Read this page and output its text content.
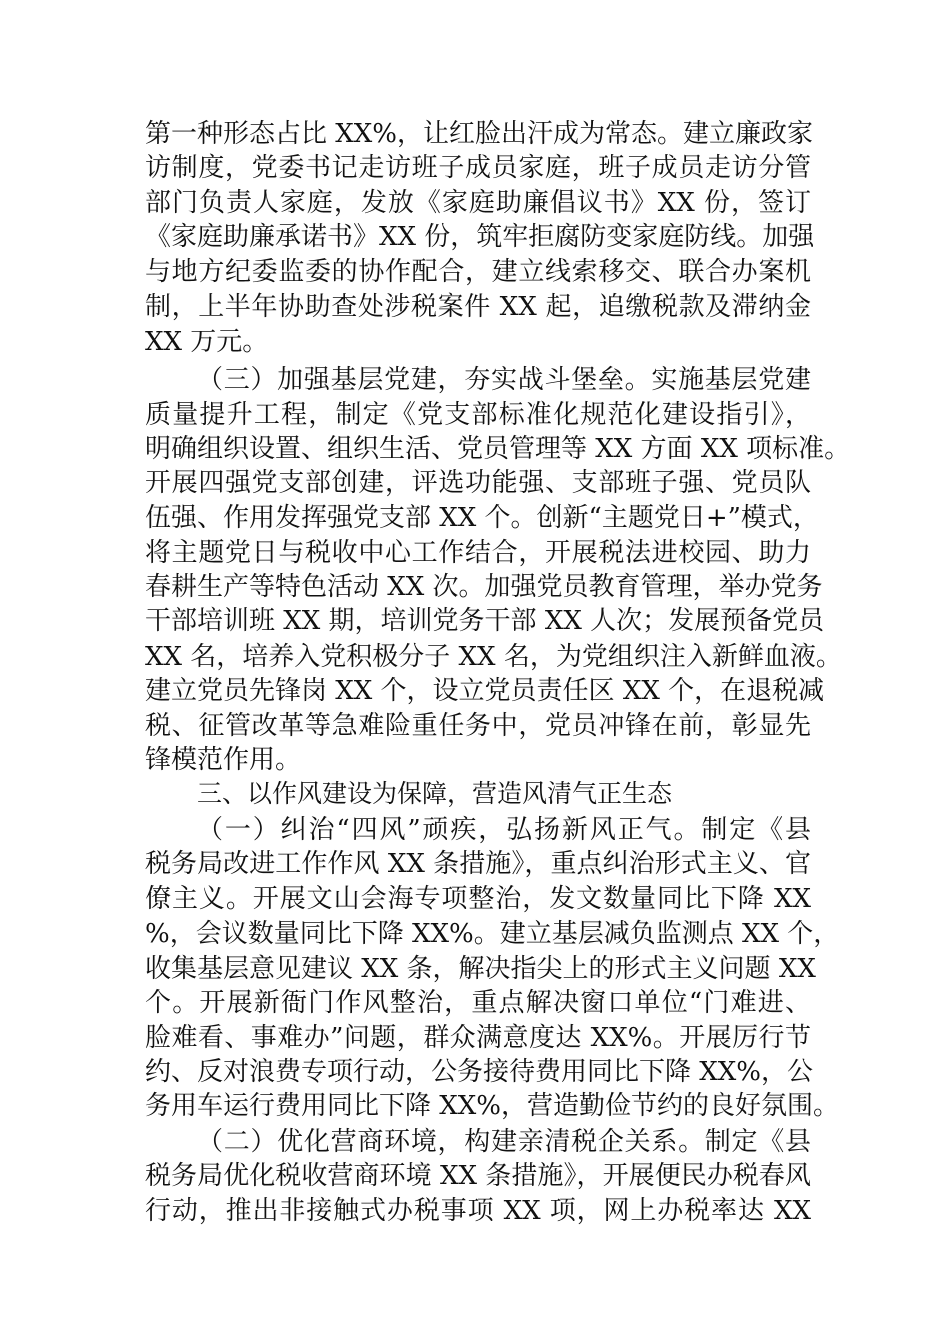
第一种形态占比 XX%，让红脸出汗成为常态。建立廉政家
访制度，党委书记走访班子成员家庭，班子成员走访分管
部门负责人家庭，发放《家庭助廉倡议书》XX 份，签订
《家庭助廉承诺书》XX 份，筑牢拒腐防变家庭防线。加强
与地方纪委监委的协作配合，建立线索移交、联合办案机
制，上半年协助查处涉税案件 XX 起，追缴税款及滞纳金
XX 万元。
（三）加强基层党建，夯实战斗堡垒。实施基层党建
质量提升工程，制定《党支部标准化规范化建设指引》，
明确组织设置、组织生活、党员管理等 XX 方面 XX 项标准。
开展四强党支部创建，评选功能强、支部班子强、党员队
伍强、作用发挥强党支部 XX 个。创新“主题党日+”模式，
将主题党日与税收中心工作结合，开展税法进校园、助力
春耕生产等特色活动 XX 次。加强党员教育管理，举办党务
干部培训班 XX 期，培训党务干部 XX 人次；发展预备党员
XX 名，培养入党积极分子 XX 名，为党组织注入新鲜血液。
建立党员先锋岗 XX 个，设立党员责任区 XX 个，在退税减
税、征管改革等急难险重任务中，党员冲锋在前，彰显先
锋模范作用。
三、以作风建设为保障，营造风清气正生态
（一）纠治“四风”顽疾，弘扬新风正气。制定《县
税务局改进工作作风 XX 条措施》，重点纠治形式主义、官
僚主义。开展文山会海专项整治，发文数量同比下降 XX
%，会议数量同比下降 XX%。建立基层减负监测点 XX 个，
收集基层意见建议 XX 条，解决指尖上的形式主义问题 XX
个。开展新衙门作风整治，重点解决窗口单位“门难进、
脸难看、事难办”问题，群众满意度达 XX%。开展厉行节
约、反对浪费专项行动，公务接待费用同比下降 XX%，公
务用车运行费用同比下降 XX%，营造勤俭节约的良好氛围。
（二）优化营商环境，构建亲清税企关系。制定《县
税务局优化税收营商环境 XX 条措施》，开展便民办税春风
行动，推出非接触式办税事项 XX 项，网上办税率达 XX
